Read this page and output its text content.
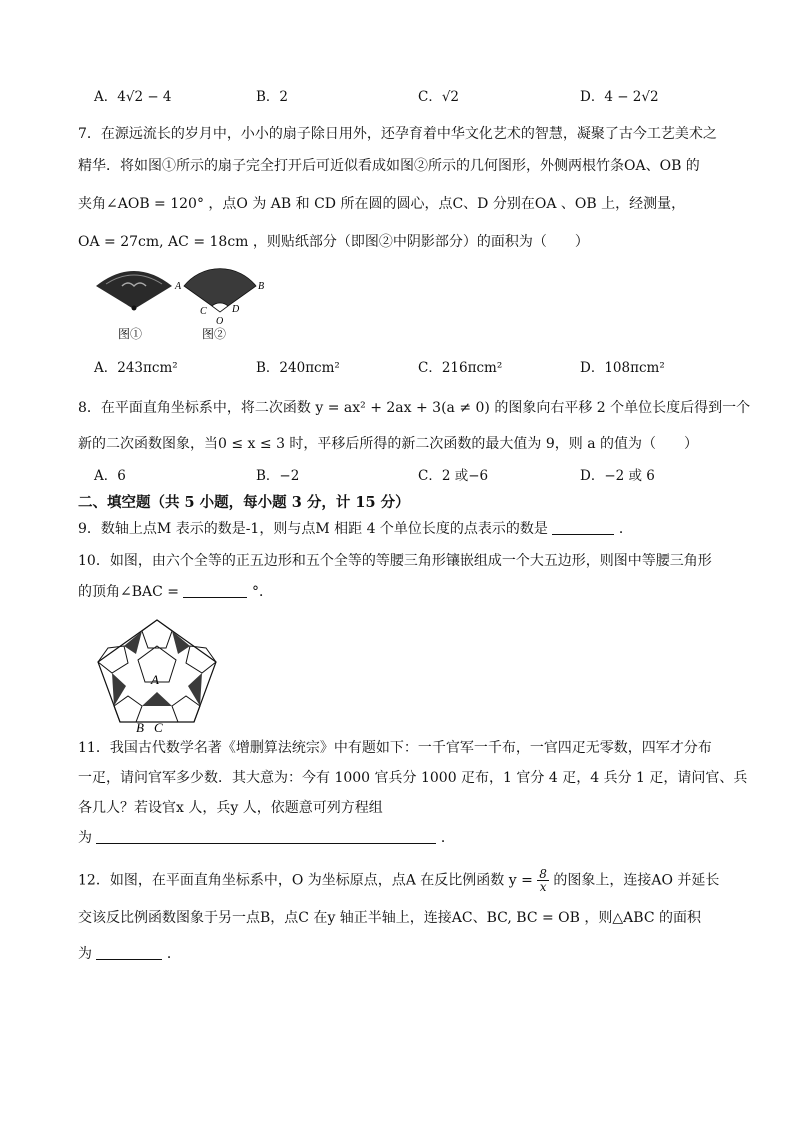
A．4√2 − 4	B．2	C．√2	D．4 − 2√2
7．在源远流长的岁月中，小小的扇子除日用外，还孕育着中华文化艺术的智慧，凝聚了古今工艺美术之
精华．将如图①所示的扇子完全打开后可近似看成如图②所示的几何图形，外侧两根竹条OA、OB 的
夹角∠AOB = 120° ，点O 为 AB 和 CD 所在圆的圆心，点C、D 分别在OA 、OB 上，经测量，
OA = 27cm, AC = 18cm ，则贴纸部分（即图②中阴影部分）的面积为（　　）
图①
A	B
C	D
O
图②
A．243πcm²	B．240πcm²	C．216πcm²	D．108πcm²
8．在平面直角坐标系中，将二次函数 y = ax² + 2ax + 3(a ≠ 0) 的图象向右平移 2 个单位长度后得到一个
新的二次函数图象，当0 ≤ x ≤ 3 时，平移后所得的新二次函数的最大值为 9，则 a 的值为（　　）
A．6	B．−2	C．2 或−6	D．−2 或 6
二、填空题（共 5 小题，每小题 3 分，计 15 分）
9．数轴上点M 表示的数是-1，则与点M 相距 4 个单位长度的点表示的数是	．
10．如图，由六个全等的正五边形和五个全等的等腰三角形镶嵌组成一个大五边形，则图中等腰三角形
的顶角∠BAC =	°．
A
B C
11．我国古代数学名著《增删算法统宗》中有题如下：一千官军一千布，一官四疋无零数，四军才分布
一疋，请问官军多少数．其大意为：今有 1000 官兵分 1000 疋布，1 官分 4 疋，4 兵分 1 疋，请问官、兵
各几人？若设官x 人，兵y 人，依题意可列方程组
为	．
12．如图，在平面直角坐标系中，O 为坐标原点，点A 在反比例函数 $y = \frac{8}{x}$ 的图象上，连接AO 并延长
交该反比例函数图象于另一点B，点C 在y 轴正半轴上，连接AC、BC, BC = OB ，则△ABC 的面积
为	．
